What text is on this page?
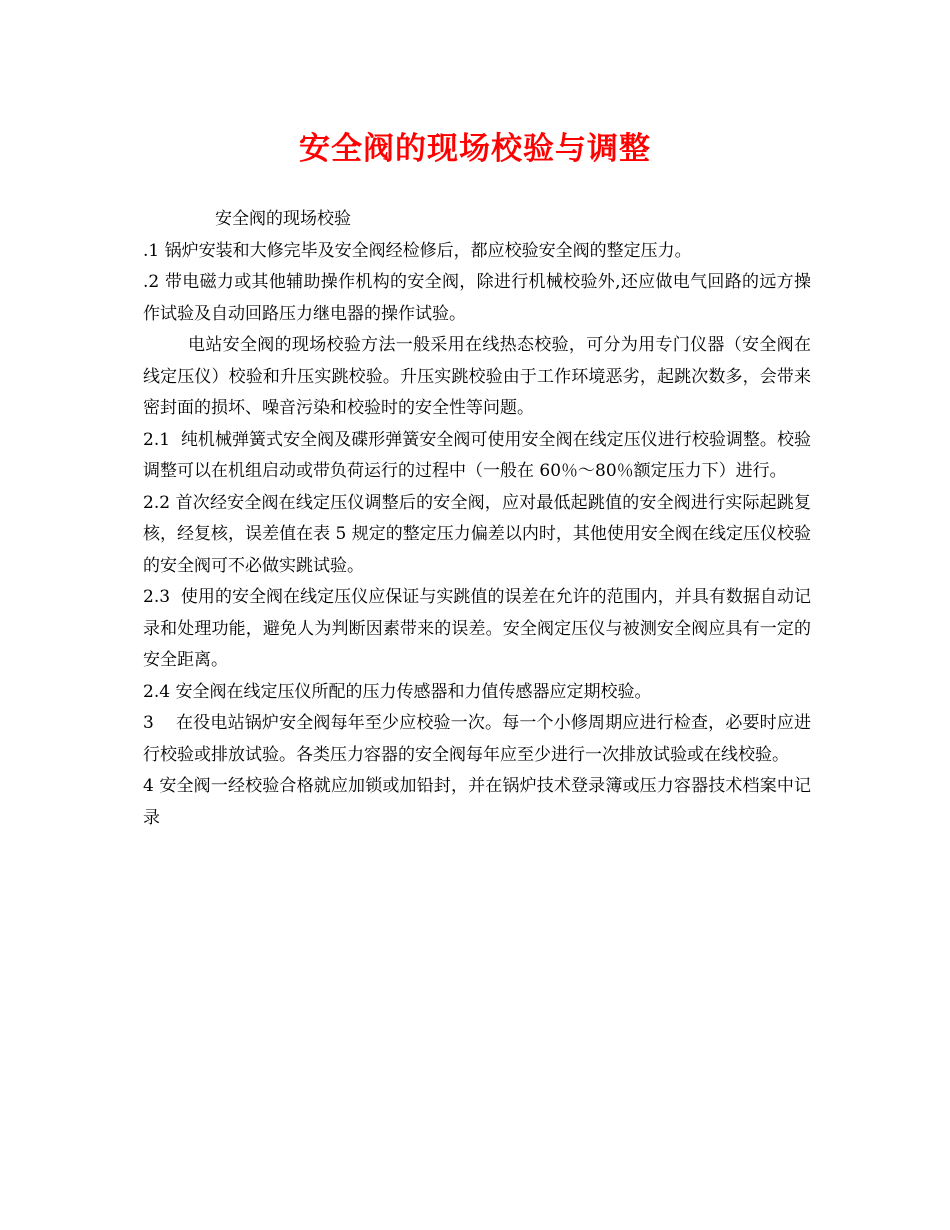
安全阀的现场校验与调整

安全阀的现场校验

.1 锅炉安装和大修完毕及安全阀经检修后，都应校验安全阀的整定压力。

.2 带电磁力或其他辅助操作机构的安全阀，除进行机械校验外,还应做电气回路的远方操作试验及自动回路压力继电器的操作试验。

电站安全阀的现场校验方法一般采用在线热态校验，可分为用专门仪器（安全阀在线定压仪）校验和升压实跳校验。升压实跳校验由于工作环境恶劣，起跳次数多，会带来密封面的损坏、噪音污染和校验时的安全性等问题。

2.1  纯机械弹簧式安全阀及碟形弹簧安全阀可使用安全阀在线定压仪进行校验调整。校验调整可以在机组启动或带负荷运行的过程中（一般在 60％～80％额定压力下）进行。

2.2 首次经安全阀在线定压仪调整后的安全阀，应对最低起跳值的安全阀进行实际起跳复核，经复核，误差值在表 5 规定的整定压力偏差以内时，其他使用安全阀在线定压仪校验的安全阀可不必做实跳试验。

2.3  使用的安全阀在线定压仪应保证与实跳值的误差在允许的范围内，并具有数据自动记录和处理功能，避免人为判断因素带来的误差。安全阀定压仪与被测安全阀应具有一定的安全距离。

2.4 安全阀在线定压仪所配的压力传感器和力值传感器应定期校验。

3    在役电站锅炉安全阀每年至少应校验一次。每一个小修周期应进行检查，必要时应进行校验或排放试验。各类压力容器的安全阀每年应至少进行一次排放试验或在线校验。

4 安全阀一经校验合格就应加锁或加铅封，并在锅炉技术登录簿或压力容器技术档案中记录
